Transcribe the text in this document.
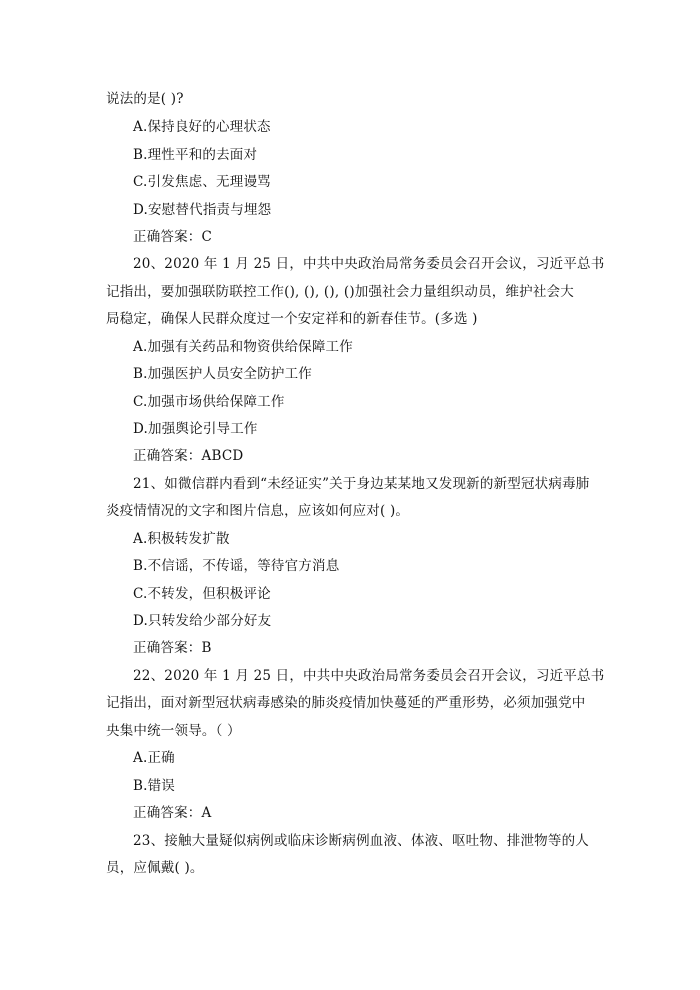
说法的是( )?
A.保持良好的心理状态
B.理性平和的去面对
C.引发焦虑、无理谩骂
D.安慰替代指责与埋怨
正确答案：C
20、2020 年 1 月 25 日，中共中央政治局常务委员会召开会议，习近平总书
记指出，要加强联防联控工作(), (), (), ()加强社会力量组织动员，维护社会大
局稳定，确保人民群众度过一个安定祥和的新春佳节。(多选 )
A.加强有关药品和物资供给保障工作
B.加强医护人员安全防护工作
C.加强市场供给保障工作
D.加强舆论引导工作
正确答案：ABCD
21、如微信群内看到“未经证实”关于身边某某地又发现新的新型冠状病毒肺
炎疫情情况的文字和图片信息，应该如何应对( )。
A.积极转发扩散
B.不信谣，不传谣，等待官方消息
C.不转发，但积极评论
D.只转发给少部分好友
正确答案：B
22、2020 年 1 月 25 日，中共中央政治局常务委员会召开会议，习近平总书
记指出，面对新型冠状病毒感染的肺炎疫情加快蔓延的严重形势，必须加强党中
央集中统一领导。（ ）
A.正确
B.错误
正确答案：A
23、接触大量疑似病例或临床诊断病例血液、体液、呕吐物、排泄物等的人
员，应佩戴( )。
